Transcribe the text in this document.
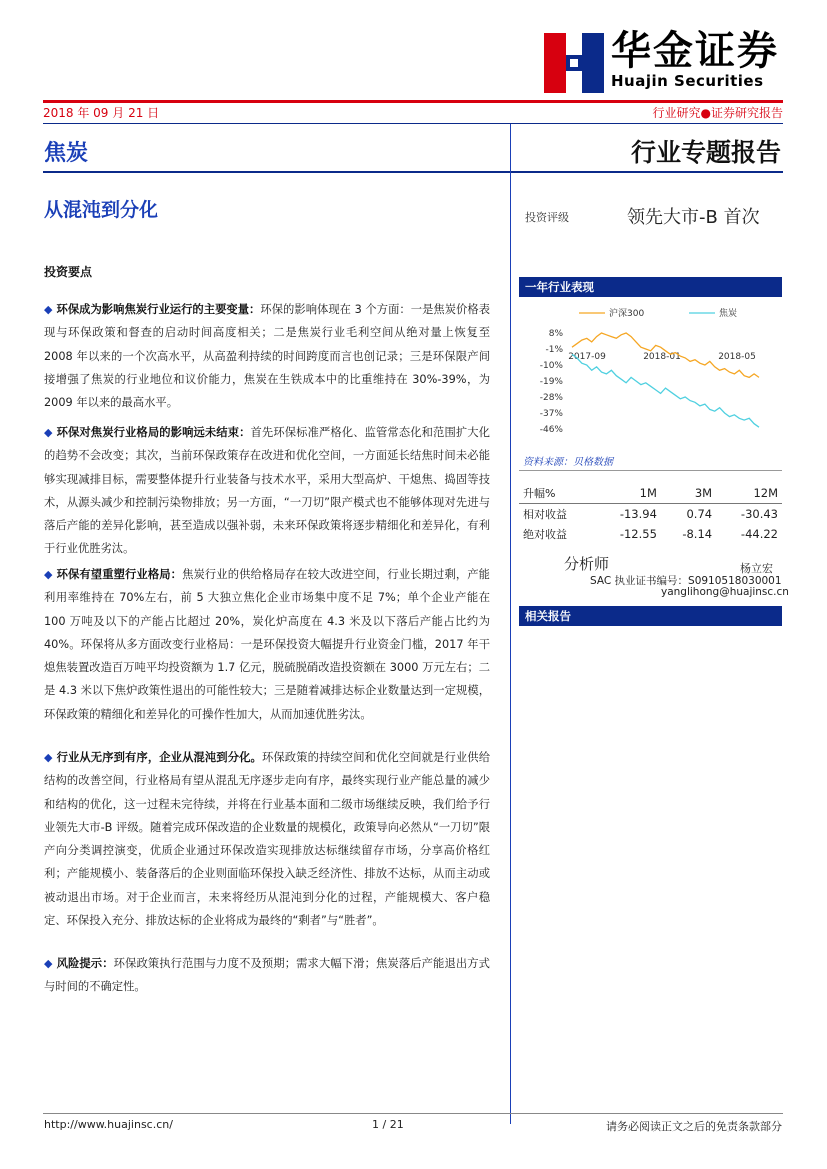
华金证券
Huajin Securities
2018 年 09 月 21 日	行业研究●证券研究报告
焦炭	行业专题报告
从混沌到分化	投资评级	领先大市-B 首次
投资要点
◆ 环保成为影响焦炭行业运行的主要变量：环保的影响体现在 3 个方面：一是焦炭价格表现与环保政策和督查的启动时间高度相关；二是焦炭行业毛利空间从绝对量上恢复至 2008 年以来的一个次高水平，从高盈利持续的时间跨度而言也创记录；三是环保限产间接增强了焦炭的行业地位和议价能力，焦炭在生铁成本中的比重维持在 30%-39%，为 2009 年以来的最高水平。
◆ 环保对焦炭行业格局的影响远未结束：首先环保标准严格化、监管常态化和范围扩大化的趋势不会改变；其次，当前环保政策存在改进和优化空间，一方面延长结焦时间未必能够实现减排目标，需要整体提升行业装备与技术水平，采用大型高炉、干熄焦、捣固等技术，从源头减少和控制污染物排放；另一方面，“一刀切”限产模式也不能够体现对先进与落后产能的差异化影响，甚至造成以强补弱，未来环保政策将逐步精细化和差异化，有利于行业优胜劣汰。
◆ 环保有望重塑行业格局：焦炭行业的供给格局存在较大改进空间，行业长期过剩，产能利用率维持在 70%左右，前 5 大独立焦化企业市场集中度不足 7%；单个企业产能在 100 万吨及以下的产能占比超过 20%，炭化炉高度在 4.3 米及以下落后产能占比约为 40%。环保将从多方面改变行业格局：一是环保投资大幅提升行业资金门槛，2017 年干熄焦装置改造百万吨平均投资额为 1.7 亿元，脱硫脱硝改造投资额在 3000 万元左右；二是 4.3 米以下焦炉政策性退出的可能性较大；三是随着减排达标企业数量达到一定规模，环保政策的精细化和差异化的可操作性加大，从而加速优胜劣汰。
◆ 行业从无序到有序，企业从混沌到分化。环保政策的持续空间和优化空间就是行业供给结构的改善空间，行业格局有望从混乱无序逐步走向有序，最终实现行业产能总量的减少和结构的优化，这一过程未完待续，并将在行业基本面和二级市场继续反映，我们给予行业领先大市-B 评级。随着完成环保改造的企业数量的规模化，政策导向必然从“一刀切”限产向分类调控演变，优质企业通过环保改造实现排放达标继续留存市场，分享高价格红利；产能规模小、装备落后的企业则面临环保投入缺乏经济性、排放不达标，从而主动或被动退出市场。对于企业而言，未来将经历从混沌到分化的过程，产能规模大、客户稳定、环保投入充分、排放达标的企业将成为最终的“剩者”与“胜者”。
◆ 风险提示：环保政策执行范围与力度不及预期；需求大幅下滑；焦炭落后产能退出方式与时间的不确定性。
一年行业表现
沪深300	焦炭
8%
-1%
-10%
-19%
-28%
-37%
-46%
2017-09	2018-01	2018-05
资料来源：贝格数据
升幅%	1M	3M	12M
相对收益	-13.94	0.74	-30.43
绝对收益	-12.55	-8.14	-44.22
分析师	杨立宏
SAC 执业证书编号：S0910518030001
yanglihong@huajinsc.cn
相关报告
http://www.huajinsc.cn/	1 / 21	请务必阅读正文之后的免责条款部分
